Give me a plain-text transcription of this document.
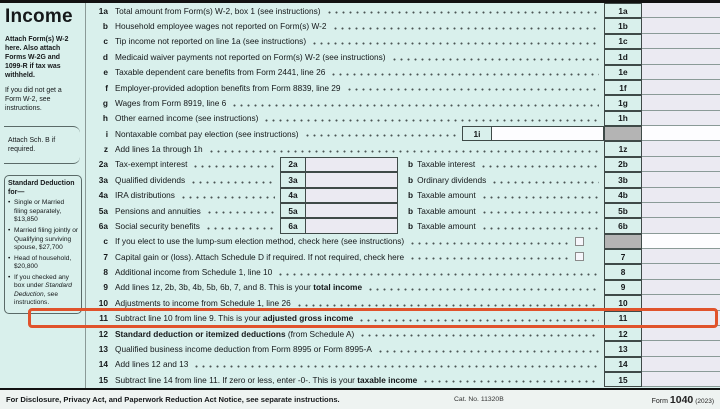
Income
Attach Form(s) W-2 here. Also attach Forms W-2G and 1099-R if tax was withheld.
If you did not get a Form W-2, see instructions.
Attach Sch. B if required.
Standard Deduction for—
• Single or Married filing separately, $13,850
• Married filing jointly or Qualifying surviving spouse, $27,700
• Head of household, $20,800
• If you checked any box under Standard Deduction, see instructions.
1a Total amount from Form(s) W-2, box 1 (see instructions)	1a
b Household employee wages not reported on Form(s) W-2	1b
c Tip income not reported on line 1a (see instructions)	1c
d Medicaid waiver payments not reported on Form(s) W-2 (see instructions)	1d
e Taxable dependent care benefits from Form 2441, line 26	1e
f Employer-provided adoption benefits from Form 8839, line 29	1f
g Wages from Form 8919, line 6	1g
h Other earned income (see instructions)	1h
i Nontaxable combat pay election (see instructions)	1i
z Add lines 1a through 1h	1z
2a Tax-exempt interest	2a	b Taxable interest	2b
3a Qualified dividends	3a	b Ordinary dividends	3b
4a IRA distributions	4a	b Taxable amount	4b
5a Pensions and annuities	5a	b Taxable amount	5b
6a Social security benefits	6a	b Taxable amount	6b
c If you elect to use the lump-sum election method, check here (see instructions)
7 Capital gain or (loss). Attach Schedule D if required. If not required, check here	7
8 Additional income from Schedule 1, line 10	8
9 Add lines 1z, 2b, 3b, 4b, 5b, 6b, 7, and 8. This is your total income	9
10 Adjustments to income from Schedule 1, line 26	10
11 Subtract line 10 from line 9. This is your adjusted gross income	11
12 Standard deduction or itemized deductions (from Schedule A)	12
13 Qualified business income deduction from Form 8995 or Form 8995-A	13
14 Add lines 12 and 13	14
15 Subtract line 14 from line 11. If zero or less, enter -0-. This is your taxable income	15
For Disclosure, Privacy Act, and Paperwork Reduction Act Notice, see separate instructions.	Cat. No. 11320B	Form 1040 (2023)
